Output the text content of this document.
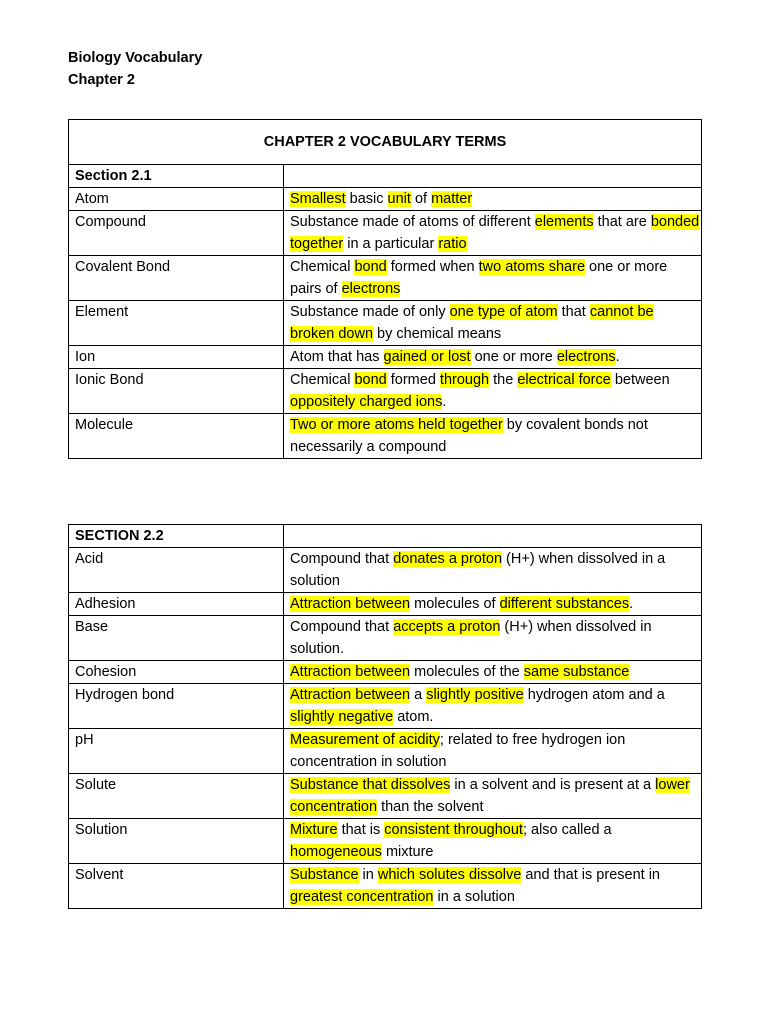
Biology Vocabulary
Chapter 2
CHAPTER 2 VOCABULARY TERMS	
Section 2.1	
Atom	Smallest basic unit of matter
Compound	Substance made of atoms of different elements that are bonded together in a particular ratio
Covalent Bond	Chemical bond formed when two atoms share one or more pairs of electrons
Element	Substance made of only one type of atom that cannot be broken down by chemical means
Ion	Atom that has gained or lost one or more electrons.
Ionic Bond	Chemical bond formed through the electrical force between oppositely charged ions.
Molecule	Two or more atoms held together by covalent bonds not necessarily a compound
SECTION 2.2	
Acid	Compound that donates a proton (H+) when dissolved in a solution
Adhesion	Attraction between molecules of different substances.
Base	Compound that accepts a proton (H+) when dissolved in solution.
Cohesion	Attraction between molecules of the same substance
Hydrogen bond	Attraction between a slightly positive hydrogen atom and a slightly negative atom.
pH	Measurement of acidity; related to free hydrogen ion concentration in solution
Solute	Substance that dissolves in a solvent and is present at a lower concentration than the solvent
Solution	Mixture that is consistent throughout; also called a homogeneous mixture
Solvent	Substance in which solutes dissolve and that is present in greatest concentration in a solution
